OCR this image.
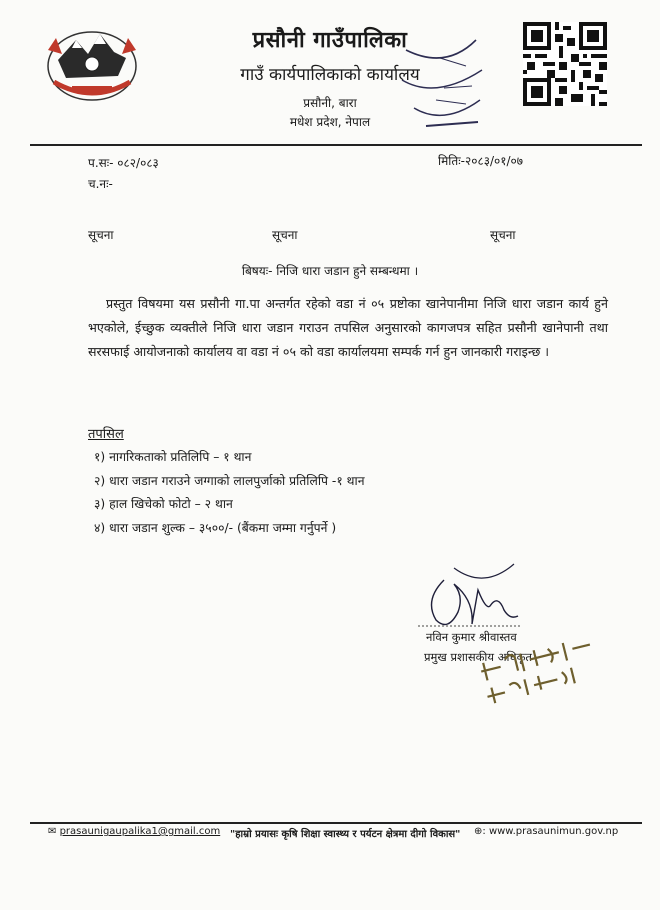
प्रसौनी गाउँपालिका
गाउँ कार्यपालिकाको कार्यालय
प्रसौनी, बारा
मधेश प्रदेश, नेपाल
प.सः- ०८२/०८३
च.नः-
मितिः-२०८३/०१/०७
सूचना	सूचना	सूचना
बिषयः- निजि धारा जडान हुने सम्बन्धमा ।
प्रस्तुत विषयमा यस प्रसौनी गा.पा अन्तर्गत रहेको वडा नं ०५ प्रष्टोका खानेपानीमा निजि धारा जडान कार्य हुने भएकोले, ईच्छुक व्यक्तीले निजि धारा जडान गराउन तपसिल अनुसारको कागजपत्र सहित प्रसौनी खानेपानी तथा सरसफाई आयोजनाको कार्यालय वा वडा नं ०५ को वडा कार्यालयमा सम्पर्क गर्न हुन जानकारी गराइन्छ ।
तपसिल
१) नागरिकताको प्रतिलिपि – १ थान
२) धारा जडान गराउने जग्गाको लालपुर्जाको प्रतिलिपि -१ थान
३) हाल खिचेको फोटो – २ थान
४) धारा जडान शुल्क – ३५००/- (बैंकमा जम्मा गर्नुपर्ने )
नविन कुमार श्रीवास्तव
प्रमुख प्रशासकीय अधिकृत
✉ prasaunigaupalika1@gmail.com "हाम्रो प्रयासः कृषि शिक्षा स्वास्थ्य र पर्यटन क्षेत्रमा दीगो विकास" ⊕: www.prasaunimun.gov.np
